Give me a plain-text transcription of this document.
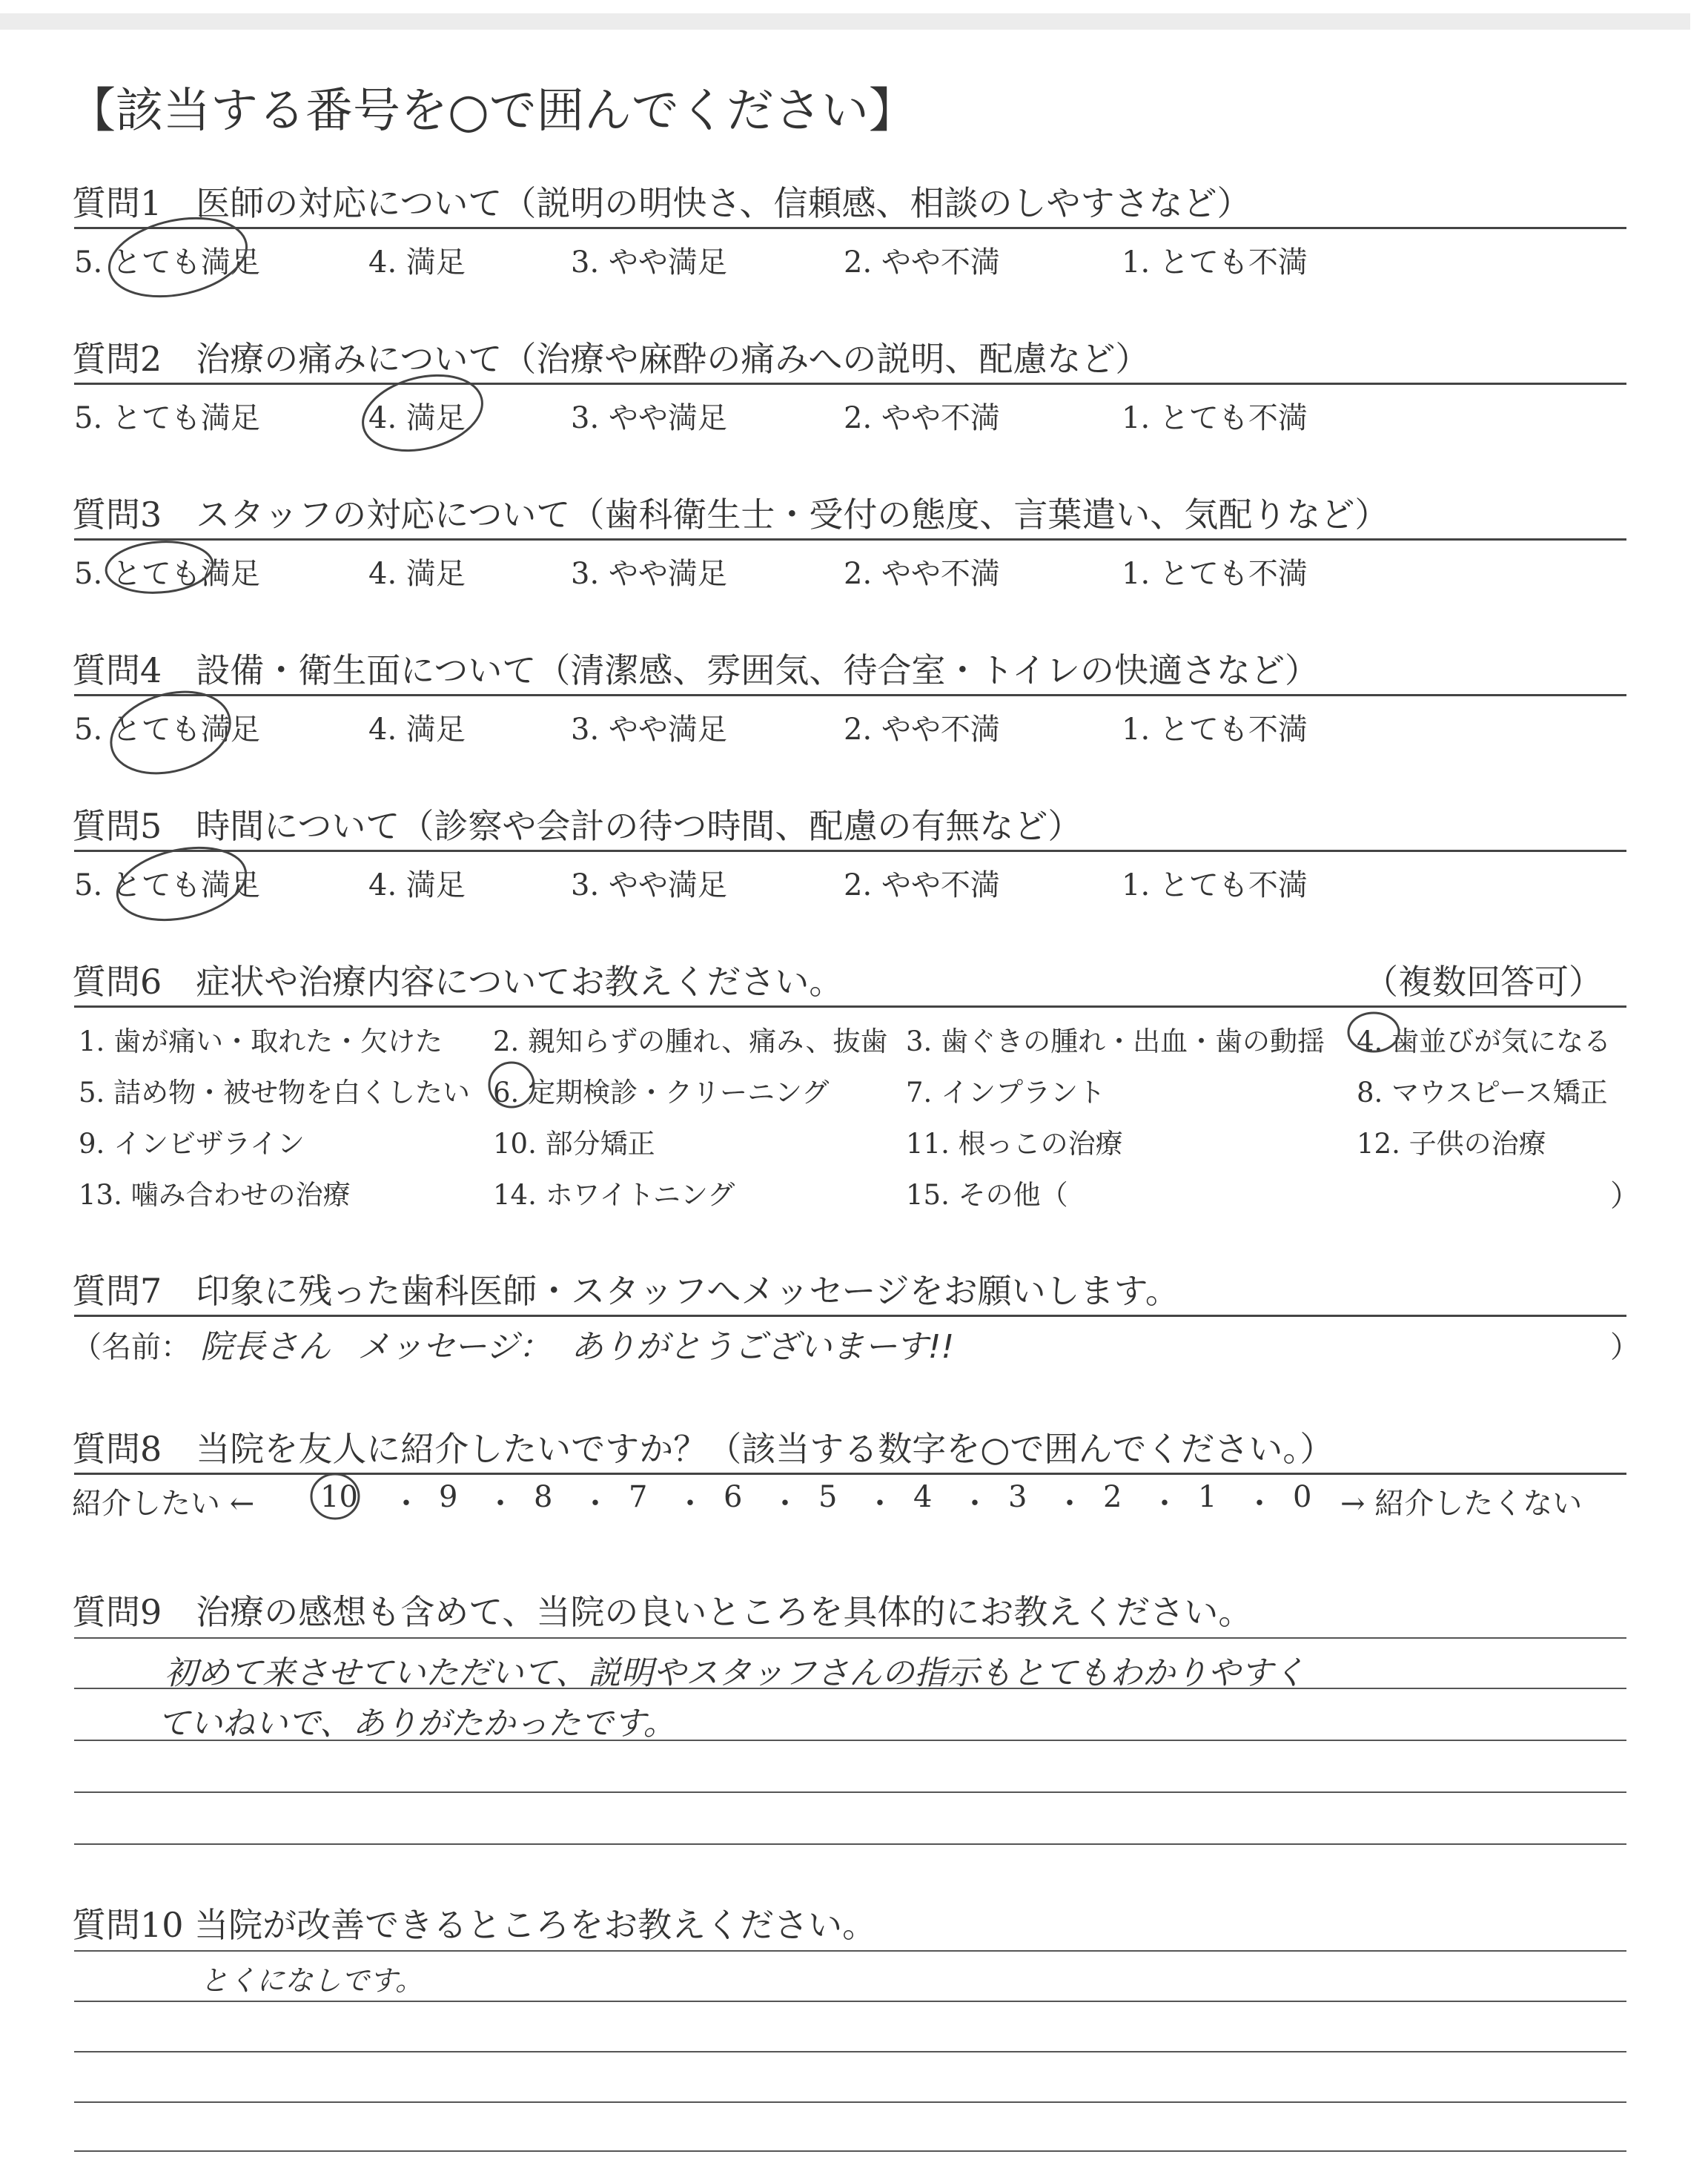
【該当する番号を○で囲んでください】
質問1　医師の対応について（説明の明快さ、信頼感、相談のしやすさなど）
5. とても満足	4. 満足	3. やや満足	2. やや不満	1. とても不満
質問2　治療の痛みについて（治療や麻酔の痛みへの説明、配慮など）
5. とても満足	4. 満足	3. やや満足	2. やや不満	1. とても不満
質問3　スタッフの対応について（歯科衛生士・受付の態度、言葉遣い、気配りなど）
5. とても満足	4. 満足	3. やや満足	2. やや不満	1. とても不満
質問4　設備・衛生面について（清潔感、雰囲気、待合室・トイレの快適さなど）
5. とても満足	4. 満足	3. やや満足	2. やや不満	1. とても不満
質問5　時間について（診察や会計の待つ時間、配慮の有無など）
5. とても満足	4. 満足	3. やや満足	2. やや不満	1. とても不満
質問6　症状や治療内容についてお教えください。	（複数回答可）
1. 歯が痛い・取れた・欠けた 2. 親知らずの腫れ、痛み、抜歯 3. 歯ぐきの腫れ・出血・歯の動揺 4. 歯並びが気になる
5. 詰め物・被せ物を白くしたい 6. 定期検診・クリーニング	7. インプラント	8. マウスピース矯正
9. インビザライン	10. 部分矯正	11. 根っこの治療	12. 子供の治療
13. 噛み合わせの治療	14. ホワイトニング	15. その他（	）
質問7　印象に残った歯科医師・スタッフへメッセージをお願いします。
（名前： 院長さん メッセージ： ありがとうございまーす!!	）
質問8　当院を友人に紹介したいですか？（該当する数字を○で囲んでください。）
紹介したい ← 10 ・ 9 ・ 8 ・ 7 ・ 6 ・ 5 ・ 4 ・ 3 ・ 2 ・ 1 ・ 0 → 紹介したくない
質問9　治療の感想も含めて、当院の良いところを具体的にお教えください。
初めて来させていただいて、説明やスタッフさんの指示もとてもわかりやすく
ていねいで、ありがたかったです。
質問10 当院が改善できるところをお教えください。
とくになしです。
